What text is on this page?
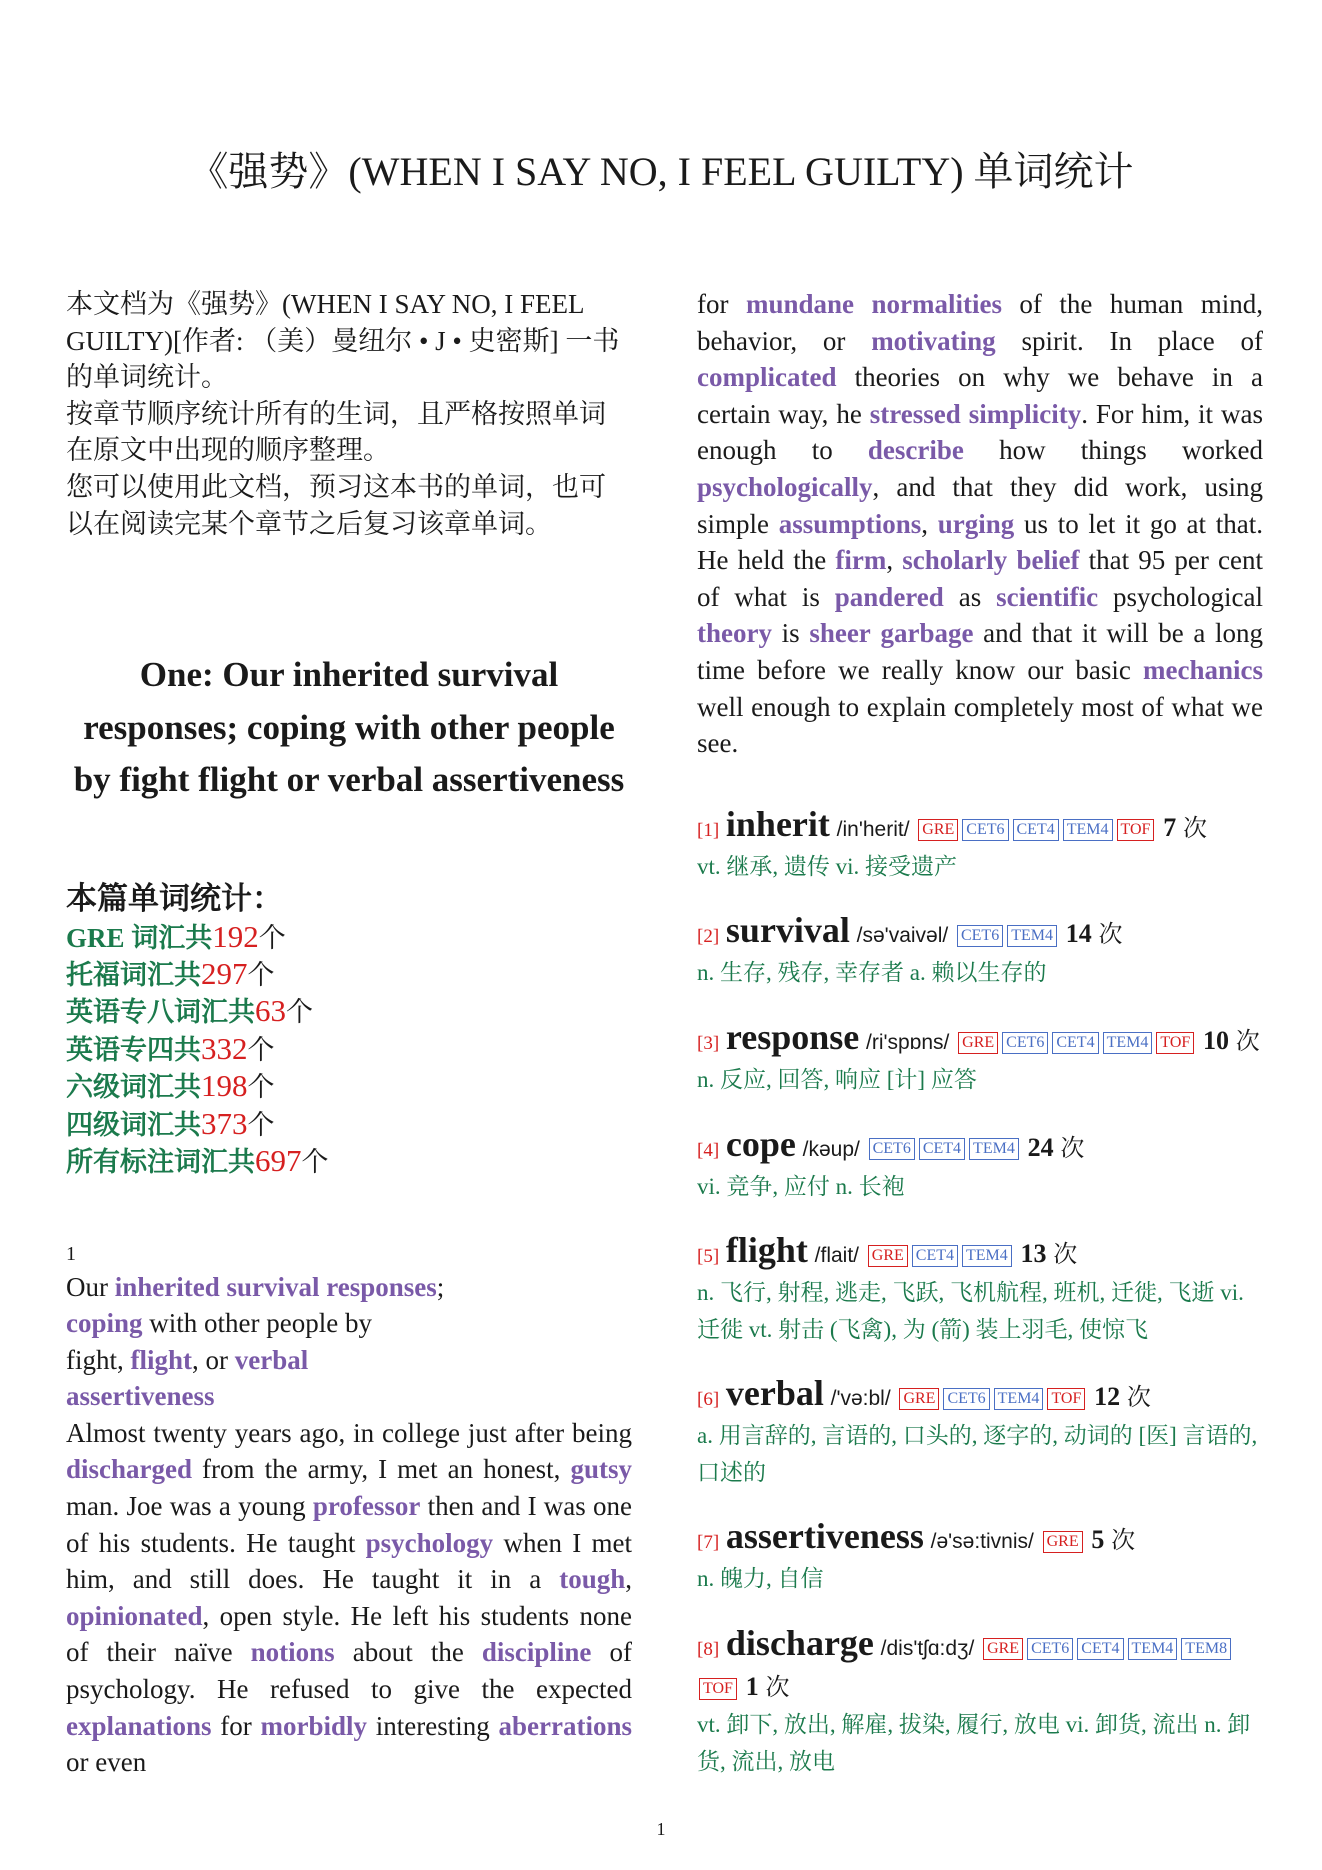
《强势》(WHEN I SAY NO, I FEEL GUILTY) 单词统计

本文档为《强势》(WHEN I SAY NO, I FEEL GUILTY)[作者: （美）曼纽尔 • J • 史密斯] 一书的单词统计。

按章节顺序统计所有的生词，且严格按照单词在原文中出现的顺序整理。

您可以使用此文档，预习这本书的单词，也可以在阅读完某个章节之后复习该章单词。

One: Our inherited survival responses; coping with other people by fight flight or verbal assertiveness
本篇单词统计：

GRE 词汇共192个

托福词汇共297个

英语专八词汇共63个

英语专四共332个

六级词汇共198个

四级词汇共373个

所有标注词汇共697个

1

Our inherited survival responses;
coping with other people by
fight, flight, or verbal
assertiveness

Almost twenty years ago, in college just after being discharged from the army, I met an honest, gutsy man. Joe was a young professor then and I was one of his students. He taught psychology when I met him, and still does. He taught it in a tough, opinionated, open style. He left his students none of their naïve notions about the discipline of psychology. He refused to give the expected explanations for morbidly interesting aberrations or even

for mundane normalities of the human mind, behavior, or motivating spirit. In place of complicated theories on why we behave in a certain way, he stressed simplicity. For him, it was enough to describe how things worked psychologically, and that they did work, using simple assumptions, urging us to let it go at that. He held the firm, scholarly belief that 95 per cent of what is pandered as scientific psychological theory is sheer garbage and that it will be a long time before we really know our basic mechanics well enough to explain completely most of what we see.

[1] inherit /in'herit/ GRE CET6 CET4 TEM4 TOF 7 次

vt. 继承, 遗传 vi. 接受遗产

[2] survival /sə'vaivəl/ CET6 TEM4 14 次

n. 生存, 残存, 幸存者 a. 赖以生存的

[3] response /ri'spɒns/ GRE CET6 CET4 TEM4 TOF 10 次

n. 反应, 回答, 响应 [计] 应答

[4] cope /kəup/ CET6 CET4 TEM4 24 次

vi. 竞争, 应付 n. 长袍

[5] flight /flait/ GRE CET4 TEM4 13 次

n. 飞行, 射程, 逃走, 飞跃, 飞机航程, 班机, 迁徙, 飞逝 vi. 迁徙 vt. 射击 (飞禽), 为 (箭) 装上羽毛, 使惊飞

[6] verbal /'və:bl/ GRE CET6 TEM4 TOF 12 次

a. 用言辞的, 言语的, 口头的, 逐字的, 动词的 [医] 言语的, 口述的

[7] assertiveness /ə'sə:tivnis/ GRE 5 次

n. 魄力, 自信

[8] discharge /dis'tʃɑ:dʒ/ GRE CET6 CET4 TEM4 TEM8TOF 1 次

vt. 卸下, 放出, 解雇, 拔染, 履行, 放电 vi. 卸货, 流出 n. 卸货, 流出, 放电

1
